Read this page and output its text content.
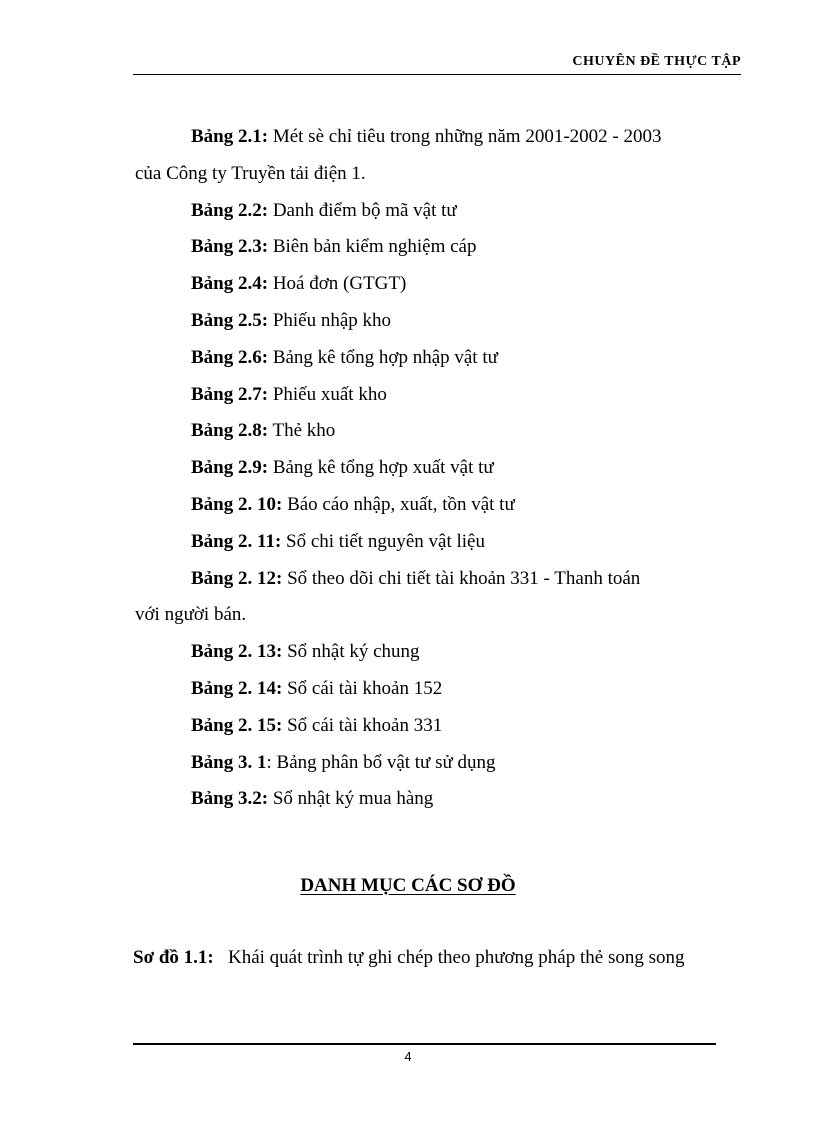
CHUYÊN ĐỀ THỰC TẬP
Bảng 2.1: Mét sè chỉ tiêu trong những năm 2001-2002 - 2003
của Công ty Truyền tải điện 1.
Bảng 2.2: Danh điểm bộ mã vật tư
Bảng 2.3: Biên bản kiểm nghiệm cáp
Bảng 2.4: Hoá đơn (GTGT)
Bảng 2.5: Phiếu nhập kho
Bảng 2.6: Bảng kê tổng hợp nhập vật tư
Bảng 2.7: Phiếu xuất kho
Bảng 2.8: Thẻ kho
Bảng 2.9: Bảng kê tổng hợp xuất vật tư
Bảng 2. 10: Báo cáo nhập, xuất, tồn vật tư
Bảng 2. 11: Sổ chi tiết nguyên vật liệu
Bảng 2. 12: Sổ theo dõi chi tiết tài khoản 331 - Thanh toán
với người bán.
Bảng 2. 13: Sổ nhật ký chung
Bảng 2. 14: Sổ cái tài khoản 152
Bảng 2. 15: Sổ cái tài khoản 331
Bảng 3. 1: Bảng phân bổ vật tư sử dụng
Bảng 3.2: Sổ nhật ký mua hàng
DANH MỤC CÁC SƠ ĐỒ
Sơ đồ 1.1: Khái quát trình tự ghi chép theo phương pháp thẻ song song
4
